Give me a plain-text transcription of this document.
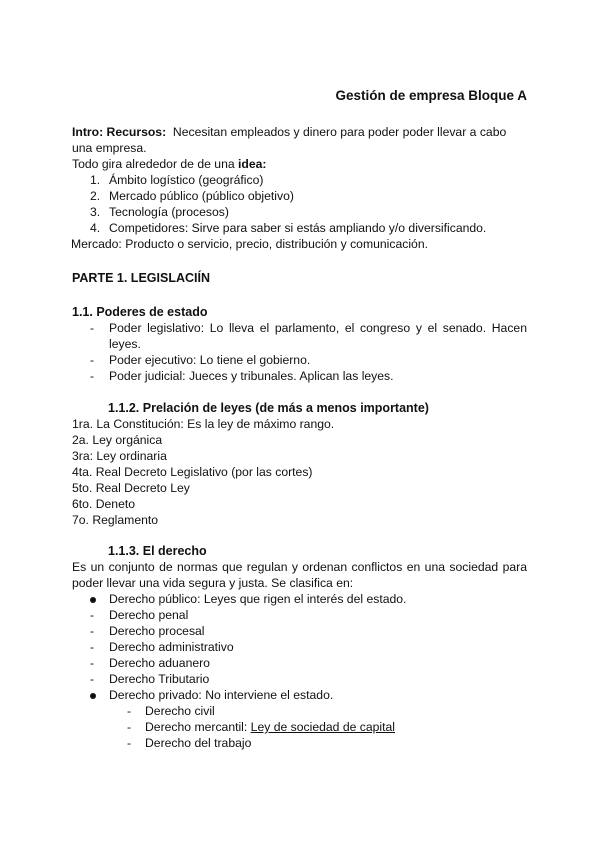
Gestión de empresa Bloque A

Intro: Recursos: Necesitan empleados y dinero para poder poder llevar a cabo una empresa.

Todo gira alrededor de de una idea:

1. Ámbito logístico (geográfico)
2. Mercado público (público objetivo)
3. Tecnología (procesos)
4. Competidores: Sirve para saber si estás ampliando y/o diversificando.

Mercado: Producto o servicio, precio, distribución y comunicación.

PARTE 1. LEGISLACIÍN

1.1. Poderes de estado

- Poder legislativo: Lo lleva el parlamento, el congreso y el senado. Hacen leyes.
- Poder ejecutivo: Lo tiene el gobierno.
- Poder judicial: Jueces y tribunales. Aplican las leyes.

1.1.2. Prelación de leyes (de más a menos importante)

1ra. La Constitución: Es la ley de máximo rango.

2a. Ley orgánica

3ra: Ley ordinaria

4ta. Real Decreto Legislativo (por las cortes)

5to. Real Decreto Ley

6to. Deneto

7o. Reglamento

1.1.3. El derecho

Es un conjunto de normas que regulan y ordenan conflictos en una sociedad para poder llevar una vida segura y justa. Se clasifica en:

Derecho público: Leyes que rigen el interés del estado.
- Derecho penal
- Derecho procesal
- Derecho administrativo
- Derecho aduanero
- Derecho Tributario
Derecho privado: No interviene el estado.
- Derecho civil
- Derecho mercantil: Ley de sociedad de capital
- Derecho del trabajo
